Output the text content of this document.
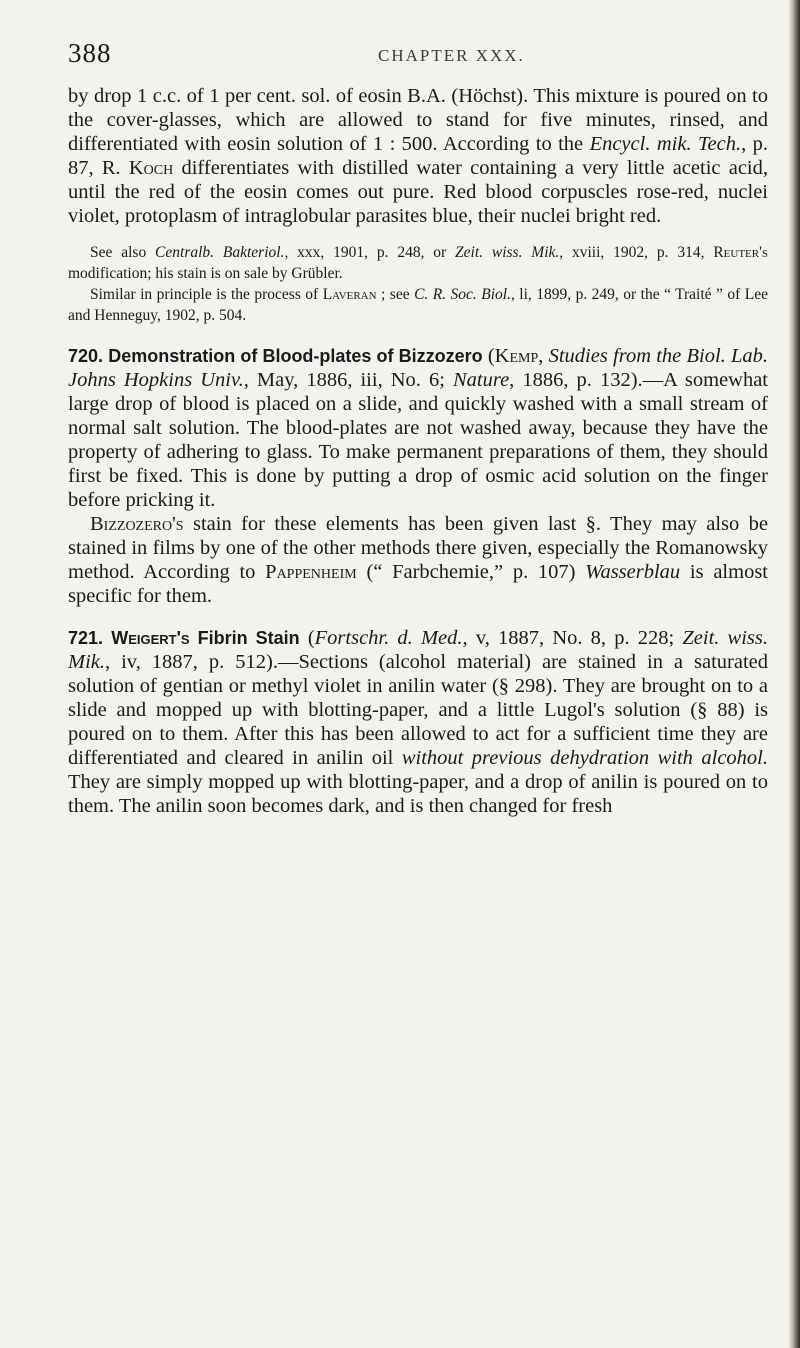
388	CHAPTER XXX.

by drop 1 c.c. of 1 per cent. sol. of eosin B.A. (Höchst). This mixture is poured on to the cover-glasses, which are allowed to stand for five minutes, rinsed, and differentiated with eosin solution of 1 : 500. According to the Encycl. mik. Tech., p. 87, R. Koch differentiates with distilled water containing a very little acetic acid, until the red of the eosin comes out pure. Red blood corpuscles rose-red, nuclei violet, protoplasm of intraglobular parasites blue, their nuclei bright red.

See also Centralb. Bakteriol., xxx, 1901, p. 248, or Zeit. wiss. Mik., xviii, 1902, p. 314, Reuter's modification; his stain is on sale by Grübler.

Similar in principle is the process of Laveran ; see C. R. Soc. Biol., li, 1899, p. 249, or the “ Traité ” of Lee and Henneguy, 1902, p. 504.

720. Demonstration of Blood-plates of Bizzozero (Kemp, Studies from the Biol. Lab. Johns Hopkins Univ., May, 1886, iii, No. 6; Nature, 1886, p. 132).—A somewhat large drop of blood is placed on a slide, and quickly washed with a small stream of normal salt solution. The blood-plates are not washed away, because they have the property of adhering to glass. To make permanent preparations of them, they should first be fixed. This is done by putting a drop of osmic acid solution on the finger before pricking it.

Bizzozero's stain for these elements has been given last §. They may also be stained in films by one of the other methods there given, especially the Romanowsky method. According to Pappenheim (“ Farbchemie,” p. 107) Wasserblau is almost specific for them.

721. Weigert's Fibrin Stain (Fortschr. d. Med., v, 1887, No. 8, p. 228; Zeit. wiss. Mik., iv, 1887, p. 512).—Sections (alcohol material) are stained in a saturated solution of gentian or methyl violet in anilin water (§ 298). They are brought on to a slide and mopped up with blotting-paper, and a little Lugol's solution (§ 88) is poured on to them. After this has been allowed to act for a sufficient time they are differentiated and cleared in anilin oil without previous dehydration with alcohol. They are simply mopped up with blotting-paper, and a drop of anilin is poured on to them. The anilin soon becomes dark, and is then changed for fresh
